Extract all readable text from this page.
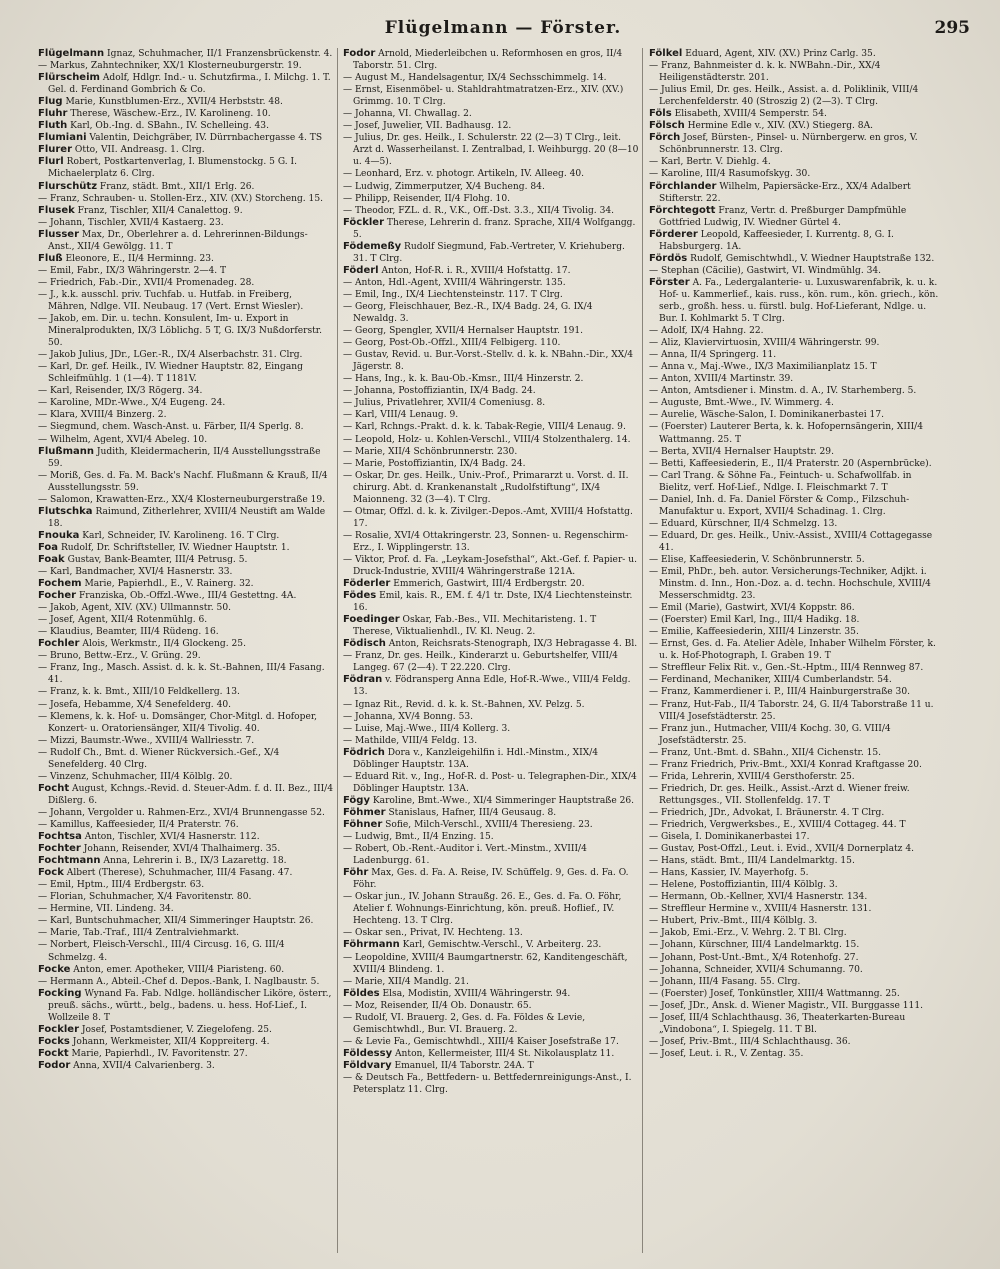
Flügelmann — Förster.	295

Flügelmann Ignaz, Schuhmacher, II/1 Franzensbrückenstr. 4.

— Markus, Zahntechniker, XX/1 Klosterneuburgerstr. 19.

Flürscheim Adolf, Hdlgr. Ind.- u. Schutzfirma., I. Milchg. 1. T. Gel. d. Ferdinand Gombrich & Co.

Flug Marie, Kunstblumen-Erz., XVII/4 Herbststr. 48.

Fluhr Therese, Wäschew.-Erz., IV. Karolineng. 10.

Fluth Karl, Ob.-Ing. d. SBahn., IV. Schelleing. 43.

Flumiani Valentin, Deichgräber, IV. Dürrnbachergasse 4. TS

Flurer Otto, VII. Andreasg. 1. Clrg.

Flurl Robert, Postkartenverlag, I. Blumenstockg. 5 G. I. Michaelerplatz 6. Clrg.

Flurschütz Franz, städt. Bmt., XII/1 Erlg. 26.

— Franz, Schrauben- u. Stollen-Erz., XIV. (XV.) Storcheng. 15.

Flusek Franz, Tischler, XII/4 Canalettog. 9.

— Johann, Tischler, XVII/4 Kastaerg. 23.

Flusser Max, Dr., Oberlehrer a. d. Lehrerinnen-Bildungs-Anst., XII/4 Gewölgg. 11. T

Fluß Eleonore, E., II/4 Herminng. 23.

— Emil, Fabr., IX/3 Währingerstr. 2—4. T

— Friedrich, Fab.-Dir., XVII/4 Promenadeg. 28.

— J., k.k. ausschl. priv. Tuchfab. u. Hutfab. in Freiberg, Mähren, Ndlge. VII. Neubaug. 17 (Vert. Ernst Wiesler).

— Jakob, em. Dir. u. techn. Konsulent, Im- u. Export in Mineralprodukten, IX/3 Löblichg. 5 T, G. IX/3 Nußdorferstr. 50.

— Jakob Julius, JDr., LGer.-R., IX/4 Alserbachstr. 31. Clrg.

— Karl, Dr. gef. Heilk., IV. Wiedner Hauptstr. 82, Eingang Schleifmühlg. 1 (1—4). T 1181V.

— Karl, Reisender, IX/3 Rögerg. 34.

— Karoline, MDr.-Wwe., X/4 Eugeng. 24.

— Klara, XVIII/4 Binzerg. 2.

— Siegmund, chem. Wasch-Anst. u. Färber, II/4 Sperlg. 8.

— Wilhelm, Agent, XVI/4 Abeleg. 10.

Flußmann Judith, Kleidermacherin, II/4 Ausstellungsstraße 59.

— Moriß, Ges. d. Fa. M. Back's Nachf. Flußmann & Krauß, II/4 Ausstellungsstr. 59.

— Salomon, Krawatten-Erz., XX/4 Klosterneuburgerstraße 19.

Flutschka Raimund, Zitherlehrer, XVIII/4 Neustift am Walde 18.

Fnouka Karl, Schneider, IV. Karolineng. 16. T Clrg.

Foa Rudolf, Dr. Schriftsteller, IV. Wiedner Hauptstr. 1.

Foak Gustav, Bank-Beamter, III/4 Petrusg. 5.

— Karl, Bandmacher, XVI/4 Hasnerstr. 33.

Fochem Marie, Papierhdl., E., V. Rainerg. 32.

Focher Franziska, Ob.-Offzl.-Wwe., III/4 Gestettng. 4A.

— Jakob, Agent, XIV. (XV.) Ullmannstr. 50.

— Josef, Agent, XII/4 Rotenmühlg. 6.

— Klaudius, Beamter, III/4 Rüdeng. 16.

Fochler Alois, Werkmstr., II/4 Glockeng. 25.

— Bruno, Bettw.-Erz., V. Grüng. 29.

— Franz, Ing., Masch. Assist. d. k. k. St.-Bahnen, III/4 Fasang. 41.

— Franz, k. k. Bmt., XIII/10 Feldkellerg. 13.

— Josefa, Hebamme, X/4 Senefelderg. 40.

— Klemens, k. k. Hof- u. Domsänger, Chor-Mitgl. d. Hofoper, Konzert- u. Oratoriensänger, XII/4 Tivolig. 40.

— Mizzi, Baumstr.-Wwe., XVIII/4 Wallriesstr. 7.

— Rudolf Ch., Bmt. d. Wiener Rückversich.-Gef., X/4 Senefelderg. 40 Clrg.

— Vinzenz, Schuhmacher, III/4 Kölblg. 20.

Focht August, Kchngs.-Revid. d. Steuer-Adm. f. d. II. Bez., III/4 Dißlerg. 6.

— Johann, Vergolder u. Rahmen-Erz., XVI/4 Brunnengasse 52.

— Kamillus, Kaffeesieder, II/4 Praterstr. 76.

Fochtsa Anton, Tischler, XVI/4 Hasnerstr. 112.

Fochter Johann, Reisender, XVI/4 Thalhaimerg. 35.

Fochtmann Anna, Lehrerin i. B., IX/3 Lazarettg. 18.

Fock Albert (Therese), Schuhmacher, III/4 Fasang. 47.

— Emil, Hptm., III/4 Erdbergstr. 63.

— Florian, Schuhmacher, X/4 Favoritenstr. 80.

— Hermine, VII. Lindeng. 34.

— Karl, Buntschuhmacher, XII/4 Simmeringer Hauptstr. 26.

— Marie, Tab.-Traf., III/4 Zentralviehmarkt.

— Norbert, Fleisch-Verschl., III/4 Circusg. 16, G. III/4 Schmelzg. 4.

Focke Anton, emer. Apotheker, VIII/4 Piaristeng. 60.

— Hermann A., Abteil.-Chef d. Depos.-Bank, I. Naglbaustr. 5.

Focking Wynand Fa. Fab. Ndlge. holländischer Liköre, österr., preuß. sächs., württ., belg., badens. u. hess. Hof-Lief., I. Wollzeile 8. T

Fockler Josef, Postamtsdiener, V. Ziegelofeng. 25.

Focks Johann, Werkmeister, XII/4 Koppreiterg. 4.

Fockt Marie, Papierhdl., IV. Favoritenstr. 27.

Fodor Anna, XVII/4 Calvarienberg. 3.

Fodor Arnold, Miederleibchen u. Reformhosen en gros, II/4 Taborstr. 51. Clrg.

— August M., Handelsagentur, IX/4 Sechsschimmelg. 14.

— Ernst, Eisenmöbel- u. Stahldrahtmatratzen-Erz., XIV. (XV.) Grimmg. 10. T Clrg.

— Johanna, VI. Chwallag. 2.

— Josef, Juwelier, VII. Badhausg. 12.

— Julius, Dr. ges. Heilk., I. Schulerstr. 22 (2—3) T Clrg., leit. Arzt d. Wasserheilanst. I. Zentralbad, I. Weihburgg. 20 (8—10 u. 4—5).

— Leonhard, Erz. v. photogr. Artikeln, IV. Alleeg. 40.

— Ludwig, Zimmerputzer, X/4 Bucheng. 84.

— Philipp, Reisender, II/4 Flohg. 10.

— Theodor, FZL. d. R., V.K., Off.-Dst. 3.3., XII/4 Tivolig. 34.

Föckler Therese, Lehrerin d. franz. Sprache, XII/4 Wolfgangg. 5.

Födemeßy Rudolf Siegmund, Fab.-Vertreter, V. Kriehuberg. 31. T Clrg.

Föderl Anton, Hof-R. i. R., XVIII/4 Hofstattg. 17.

— Anton, Hdl.-Agent, XVIII/4 Währingerstr. 135.

— Emil, Ing., IX/4 Liechtensteinstr. 117. T Clrg.

— Georg, Fleischhauer, Bez.-R., IX/4 Badg. 24, G. IX/4 Newaldg. 3.

— Georg, Spengler, XVII/4 Hernalser Hauptstr. 191.

— Georg, Post-Ob.-Offzl., XIII/4 Felbigerg. 110.

— Gustav, Revid. u. Bur.-Vorst.-Stellv. d. k. k. NBahn.-Dir., XX/4 Jägerstr. 8.

— Hans, Ing., k. k. Bau-Ob.-Kmsr., III/4 Hinzerstr. 2.

— Johanna, Postoffiziantin, IX/4 Badg. 24.

— Julius, Privatlehrer, XVII/4 Comeniusg. 8.

— Karl, VIII/4 Lenaug. 9.

— Karl, Rchngs.-Prakt. d. k. k. Tabak-Regie, VIII/4 Lenaug. 9.

— Leopold, Holz- u. Kohlen-Verschl., VIII/4 Stolzenthalerg. 14.

— Marie, XII/4 Schönbrunnerstr. 230.

— Marie, Postoffiziantin, IX/4 Badg. 24.

— Oskar, Dr. ges. Heilk., Univ.-Prof., Primararzt u. Vorst. d. II. chirurg. Abt. d. Krankenanstalt „Rudolfstiftung“, IX/4 Maionneng. 32 (3—4). T Clrg.

— Otmar, Offzl. d. k. k. Zivilger.-Depos.-Amt, XVIII/4 Hofstattg. 17.

— Rosalie, XVI/4 Ottakringerstr. 23, Sonnen- u. Regenschirm-Erz., I. Wipplingerstr. 13.

— Viktor, Prof. d. Fa. „Leykam-Josefsthal“, Akt.-Gef. f. Papier- u. Druck-Industrie, XVIII/4 Währingerstraße 121A.

Föderler Emmerich, Gastwirt, III/4 Erdbergstr. 20.

Födes Emil, kais. R., EM. f. 4/1 tr. Dste, IX/4 Liechtensteinstr. 16.

Foedinger Oskar, Fab.-Bes., VII. Mechitaristeng. 1. T Therese, Viktualienhdl., IV. Kl. Neug. 2.

Födisch Anton, Reichsrats-Stenograph, IX/3 Hebragasse 4. Bl.

— Franz, Dr. ges. Heilk., Kinderarzt u. Geburtshelfer, VIII/4 Langeg. 67 (2—4). T 22.220. Clrg.

Födran v. Födransperg Anna Edle, Hof-R.-Wwe., VIII/4 Feldg. 13.

— Ignaz Rit., Revid. d. k. k. St.-Bahnen, XV. Pelzg. 5.

— Johanna, XV/4 Bonng. 53.

— Luise, Maj.-Wwe., III/4 Kollerg. 3.

— Mathilde, VIII/4 Feldg. 13.

Födrich Dora v., Kanzleigehilfin i. Hdl.-Minstm., XIX/4 Döblinger Hauptstr. 13A.

— Eduard Rit. v., Ing., Hof-R. d. Post- u. Telegraphen-Dir., XIX/4 Döblinger Hauptstr. 13A.

Fögy Karoline, Bmt.-Wwe., XI/4 Simmeringer Hauptstraße 26.

Föhmer Stanislaus, Hafner, III/4 Geusaug. 8.

Föhner Sofie, Milch-Verschl., XVIII/4 Theresieng. 23.

— Ludwig, Bmt., II/4 Enzing. 15.

— Robert, Ob.-Rent.-Auditor i. Vert.-Minstm., XVIII/4 Ladenburgg. 61.

Föhr Max, Ges. d. Fa. A. Reise, IV. Schüffelg. 9, Ges. d. Fa. O. Föhr.

— Oskar jun., IV. Johann Straußg. 26. E., Ges. d. Fa. O. Föhr, Atelier f. Wohnungs-Einrichtung, kön. preuß. Hoflief., IV. Hechteng. 13. T Clrg.

— Oskar sen., Privat, IV. Hechteng. 13.

Föhrmann Karl, Gemischtw.-Verschl., V. Arbeiterg. 23.

— Leopoldine, XVIII/4 Baumgartnerstr. 62, Kanditengeschäft, XVIII/4 Blindeng. 1.

— Marie, XII/4 Mandlg. 21.

Földes Elsa, Modistin, XVIII/4 Währingerstr. 94.

— Moz, Reisender, II/4 Ob. Donaustr. 65.

— Rudolf, VI. Brauerg. 2, Ges. d. Fa. Földes & Levie, Gemischtwhdl., Bur. VI. Brauerg. 2.

— & Levie Fa., Gemischtwhdl., XIII/4 Kaiser Josefstraße 17.

Földessy Anton, Kellermeister, III/4 St. Nikolausplatz 11.

Földvary Emanuel, II/4 Taborstr. 24A. T

— & Deutsch Fa., Bettfedern- u. Bettfedernreinigungs-Anst., I. Petersplatz 11. Clrg.

Fölkel Eduard, Agent, XIV. (XV.) Prinz Carlg. 35.

— Franz, Bahnmeister d. k. k. NWBahn.-Dir., XX/4 Heiligenstädterstr. 201.

— Julius Emil, Dr. ges. Heilk., Assist. a. d. Poliklinik, VIII/4 Lerchenfelderstr. 40 (Stroszig 2) (2—3). T Clrg.

Föls Elisabeth, XVIII/4 Semperstr. 54.

Fölsch Hermine Edle v., XIV. (XV.) Stiegerg. 8A.

Förch Josef, Bürsten-, Pinsel- u. Nürnbergerw. en gros, V. Schönbrunnerstr. 13. Clrg.

— Karl, Bertr. V. Diehlg. 4.

— Karoline, III/4 Rasumofskyg. 30.

Förchlander Wilhelm, Papiersäcke-Erz., XX/4 Adalbert Stifterstr. 22.

Förchtegott Franz, Vertr. d. Preßburger Dampfmühle Gottfried Ludwig, IV. Wiedner Gürtel 4.

Förderer Leopold, Kaffeesieder, I. Kurrentg. 8, G. I. Habsburgerg. 1A.

Fördös Rudolf, Gemischtwhdl., V. Wiedner Hauptstraße 132.

— Stephan (Cäcilie), Gastwirt, VI. Windmühlg. 34.

Förster A. Fa., Ledergalanterie- u. Luxuswarenfabrik, k. u. k. Hof- u. Kammerlief., kais. russ., kön. rum., kön. griech., kön. serb., großh. hess. u. fürstl. bulg. Hof-Lieferant, Ndlge. u. Bur. I. Kohlmarkt 5. T Clrg.

— Adolf, IX/4 Hahng. 22.

— Aliz, Klaviervirtuosin, XVIII/4 Währingerstr. 99.

— Anna, II/4 Springerg. 11.

— Anna v., Maj.-Wwe., IX/3 Maximilianplatz 15. T

— Anton, XVIII/4 Martinstr. 39.

— Anton, Amtsdiener i. Minstm. d. A., IV. Starhemberg. 5.

— Auguste, Bmt.-Wwe., IV. Wimmerg. 4.

— Aurelie, Wäsche-Salon, I. Dominikanerbastei 17.

— (Foerster) Lauterer Berta, k. k. Hofopernsängerin, XIII/4 Wattmanng. 25. T

— Berta, XVII/4 Hernalser Hauptstr. 29.

— Betti, Kaffeesiederin, E., II/4 Praterstr. 20 (Aspernbrücke).

— Carl Trang. & Söhne Fa., Feintuch- u. Schafwollfab. in Bielitz, verf. Hof-Lief., Ndlge. I. Fleischmarkt 7. T

— Daniel, Inh. d. Fa. Daniel Förster & Comp., Filzschuh-Manufaktur u. Export, XVII/4 Schadinag. 1. Clrg.

— Eduard, Kürschner, II/4 Schmelzg. 13.

— Eduard, Dr. ges. Heilk., Univ.-Assist., XVIII/4 Cottagegasse 41.

— Elise, Kaffeesiederin, V. Schönbrunnerstr. 5.

— Emil, PhDr., beh. autor. Versicherungs-Techniker, Adjkt. i. Minstm. d. Inn., Hon.-Doz. a. d. techn. Hochschule, XVIII/4 Messerschmidtg. 23.

— Emil (Marie), Gastwirt, XVI/4 Koppstr. 86.

— (Foerster) Emil Karl, Ing., III/4 Hadikg. 18.

— Emilie, Kaffeesiederin, XIII/4 Linzerstr. 35.

— Ernst, Ges. d. Fa. Atelier Adèle, Inhaber Wilhelm Förster, k. u. k. Hof-Photograph, I. Graben 19. T

— Streffleur Felix Rit. v., Gen.-St.-Hptm., III/4 Rennweg 87.

— Ferdinand, Mechaniker, XIII/4 Cumberlandstr. 54.

— Franz, Kammerdiener i. P., III/4 Hainburgerstraße 30.

— Franz, Hut-Fab., II/4 Taborstr. 24, G. II/4 Taborstraße 11 u. VIII/4 Josefstädterstr. 25.

— Franz jun., Hutmacher, VIII/4 Kochg. 30, G. VIII/4 Josefstädterstr. 25.

— Franz, Unt.-Bmt. d. SBahn., XII/4 Cichenstr. 15.

— Franz Friedrich, Priv.-Bmt., XXI/4 Konrad Kraftgasse 20.

— Frida, Lehrerin, XVIII/4 Gersthoferstr. 25.

— Friedrich, Dr. ges. Heilk., Assist.-Arzt d. Wiener freiw. Rettungsges., VII. Stollenfeldg. 17. T

— Friedrich, JDr., Advokat, I. Bräunerstr. 4. T Clrg.

— Friedrich, Vergwerksbes., E., XVIII/4 Cottageg. 44. T

— Gisela, I. Dominikanerbastei 17.

— Gustav, Post-Offzl., Leut. i. Evid., XVII/4 Dornerplatz 4.

— Hans, städt. Bmt., III/4 Landelmarktg. 15.

— Hans, Kassier, IV. Mayerhofg. 5.

— Helene, Postoffiziantin, III/4 Kölblg. 3.

— Hermann, Ob.-Kellner, XVI/4 Hasnerstr. 134.

— Streffleur Hermine v., XVIII/4 Hasnerstr. 131.

— Hubert, Priv.-Bmt., III/4 Kölblg. 3.

— Jakob, Emi.-Erz., V. Wehrg. 2. T Bl. Clrg.

— Johann, Kürschner, III/4 Landelmarktg. 15.

— Johann, Post-Unt.-Bmt., X/4 Rotenhofg. 27.

— Johanna, Schneider, XVII/4 Schumanng. 70.

— Johann, III/4 Fasang. 55. Clrg.

— (Foerster) Josef, Tonkünstler, XIII/4 Wattmanng. 25.

— Josef, JDr., Ansk. d. Wiener Magistr., VII. Burggasse 111.

— Josef, III/4 Schlachthausg. 36, Theaterkarten-Bureau „Vindobona“, I. Spiegelg. 11. T Bl.

— Josef, Priv.-Bmt., III/4 Schlachthausg. 36.

— Josef, Leut. i. R., V. Zentag. 35.
